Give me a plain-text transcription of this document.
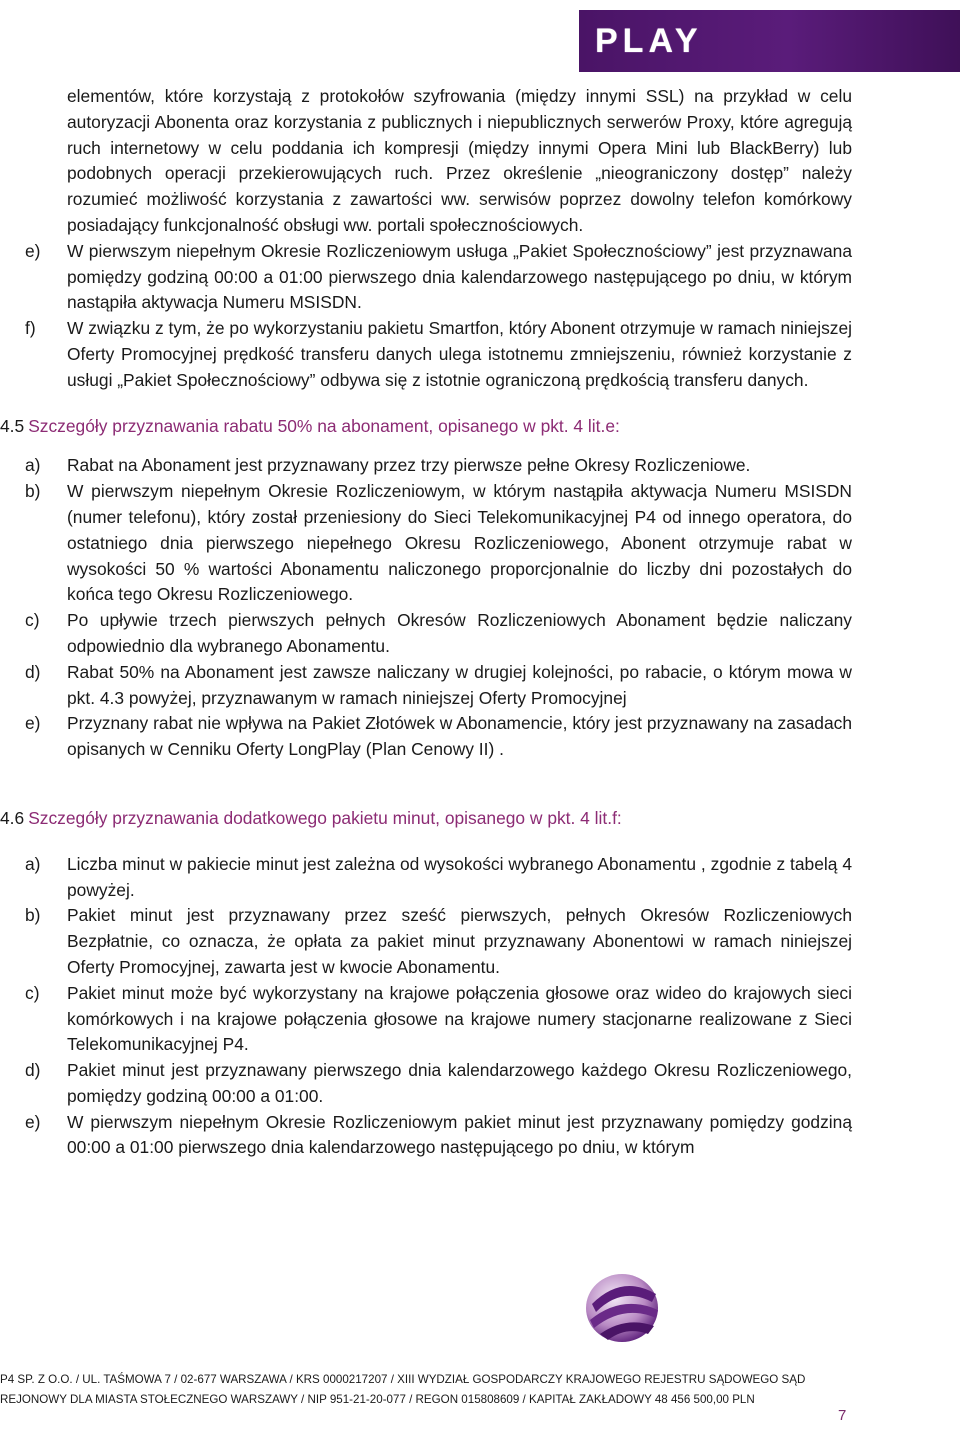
PLAY

elementów, które korzystają z protokołów szyfrowania (między innymi SSL) na przykład w celu autoryzacji Abonenta oraz korzystania z publicznych i niepublicznych serwerów Proxy, które agregują ruch internetowy w celu poddania ich kompresji (między innymi Opera Mini lub BlackBerry) lub podobnych operacji przekierowujących ruch. Przez określenie „nieograniczony dostęp” należy rozumieć możliwość korzystania z zawartości ww. serwisów poprzez dowolny telefon komórkowy posiadający funkcjonalność obsługi ww. portali społecznościowych.

e) W pierwszym niepełnym Okresie Rozliczeniowym usługa „Pakiet Społecznościowy” jest przyznawana pomiędzy godziną 00:00 a 01:00 pierwszego dnia kalendarzowego następującego po dniu, w którym nastąpiła aktywacja Numeru MSISDN.
f) W związku z tym, że po wykorzystaniu pakietu Smartfon, który Abonent otrzymuje w ramach niniejszej Oferty Promocyjnej prędkość transferu danych ulega istotnemu zmniejszeniu, również korzystanie z usługi „Pakiet Społecznościowy” odbywa się z istotnie ograniczoną prędkością transferu danych.
4.5 Szczegóły przyznawania rabatu 50% na abonament, opisanego w pkt. 4 lit.e:
a) Rabat na Abonament jest przyznawany przez trzy pierwsze pełne Okresy Rozliczeniowe.
b) W pierwszym niepełnym Okresie Rozliczeniowym, w którym nastąpiła aktywacja Numeru MSISDN (numer telefonu), który został przeniesiony do Sieci Telekomunikacyjnej P4 od innego operatora, do ostatniego dnia pierwszego niepełnego Okresu Rozliczeniowego, Abonent otrzymuje rabat w wysokości 50 % wartości Abonamentu naliczonego proporcjonalnie do liczby dni pozostałych do końca tego Okresu Rozliczeniowego.
c) Po upływie trzech pierwszych pełnych Okresów Rozliczeniowych Abonament będzie naliczany odpowiednio dla wybranego Abonamentu.
d) Rabat 50% na Abonament jest zawsze naliczany w drugiej kolejności, po rabacie, o którym mowa w pkt. 4.3 powyżej, przyznawanym w ramach niniejszej Oferty Promocyjnej
e) Przyznany rabat nie wpływa na Pakiet Złotówek w Abonamencie, który jest przyznawany na zasadach opisanych w Cenniku Oferty LongPlay (Plan Cenowy II) .
4.6 Szczegóły przyznawania dodatkowego pakietu minut, opisanego w pkt. 4 lit.f:
a) Liczba minut w pakiecie minut jest zależna od wysokości wybranego Abonamentu , zgodnie z tabelą 4 powyżej.
b) Pakiet minut jest przyznawany przez sześć pierwszych, pełnych Okresów Rozliczeniowych Bezpłatnie, co oznacza, że opłata za pakiet minut przyznawany Abonentowi w ramach niniejszej Oferty Promocyjnej, zawarta jest w kwocie Abonamentu.
c) Pakiet minut może być wykorzystany na krajowe połączenia głosowe oraz wideo do krajowych sieci komórkowych i na krajowe połączenia głosowe na krajowe numery stacjonarne realizowane z Sieci Telekomunikacyjnej P4.
d) Pakiet minut jest przyznawany pierwszego dnia kalendarzowego każdego Okresu Rozliczeniowego, pomiędzy godziną 00:00 a 01:00.
e) W pierwszym niepełnym Okresie Rozliczeniowym pakiet minut jest przyznawany pomiędzy godziną 00:00 a 01:00 pierwszego dnia kalendarzowego następującego po dniu, w którym
P4 SP. Z O.O. / UL. TAŚMOWA 7 / 02-677 WARSZAWA / KRS 0000217207 / XIII WYDZIAŁ GOSPODARCZY KRAJOWEGO REJESTRU SĄDOWEGO SĄD
REJONOWY DLA MIASTA STOŁECZNEGO WARSZAWY / NIP 951-21-20-077 / REGON 015808609 / KAPITAŁ ZAKŁADOWY 48 456 500,00 PLN
7
